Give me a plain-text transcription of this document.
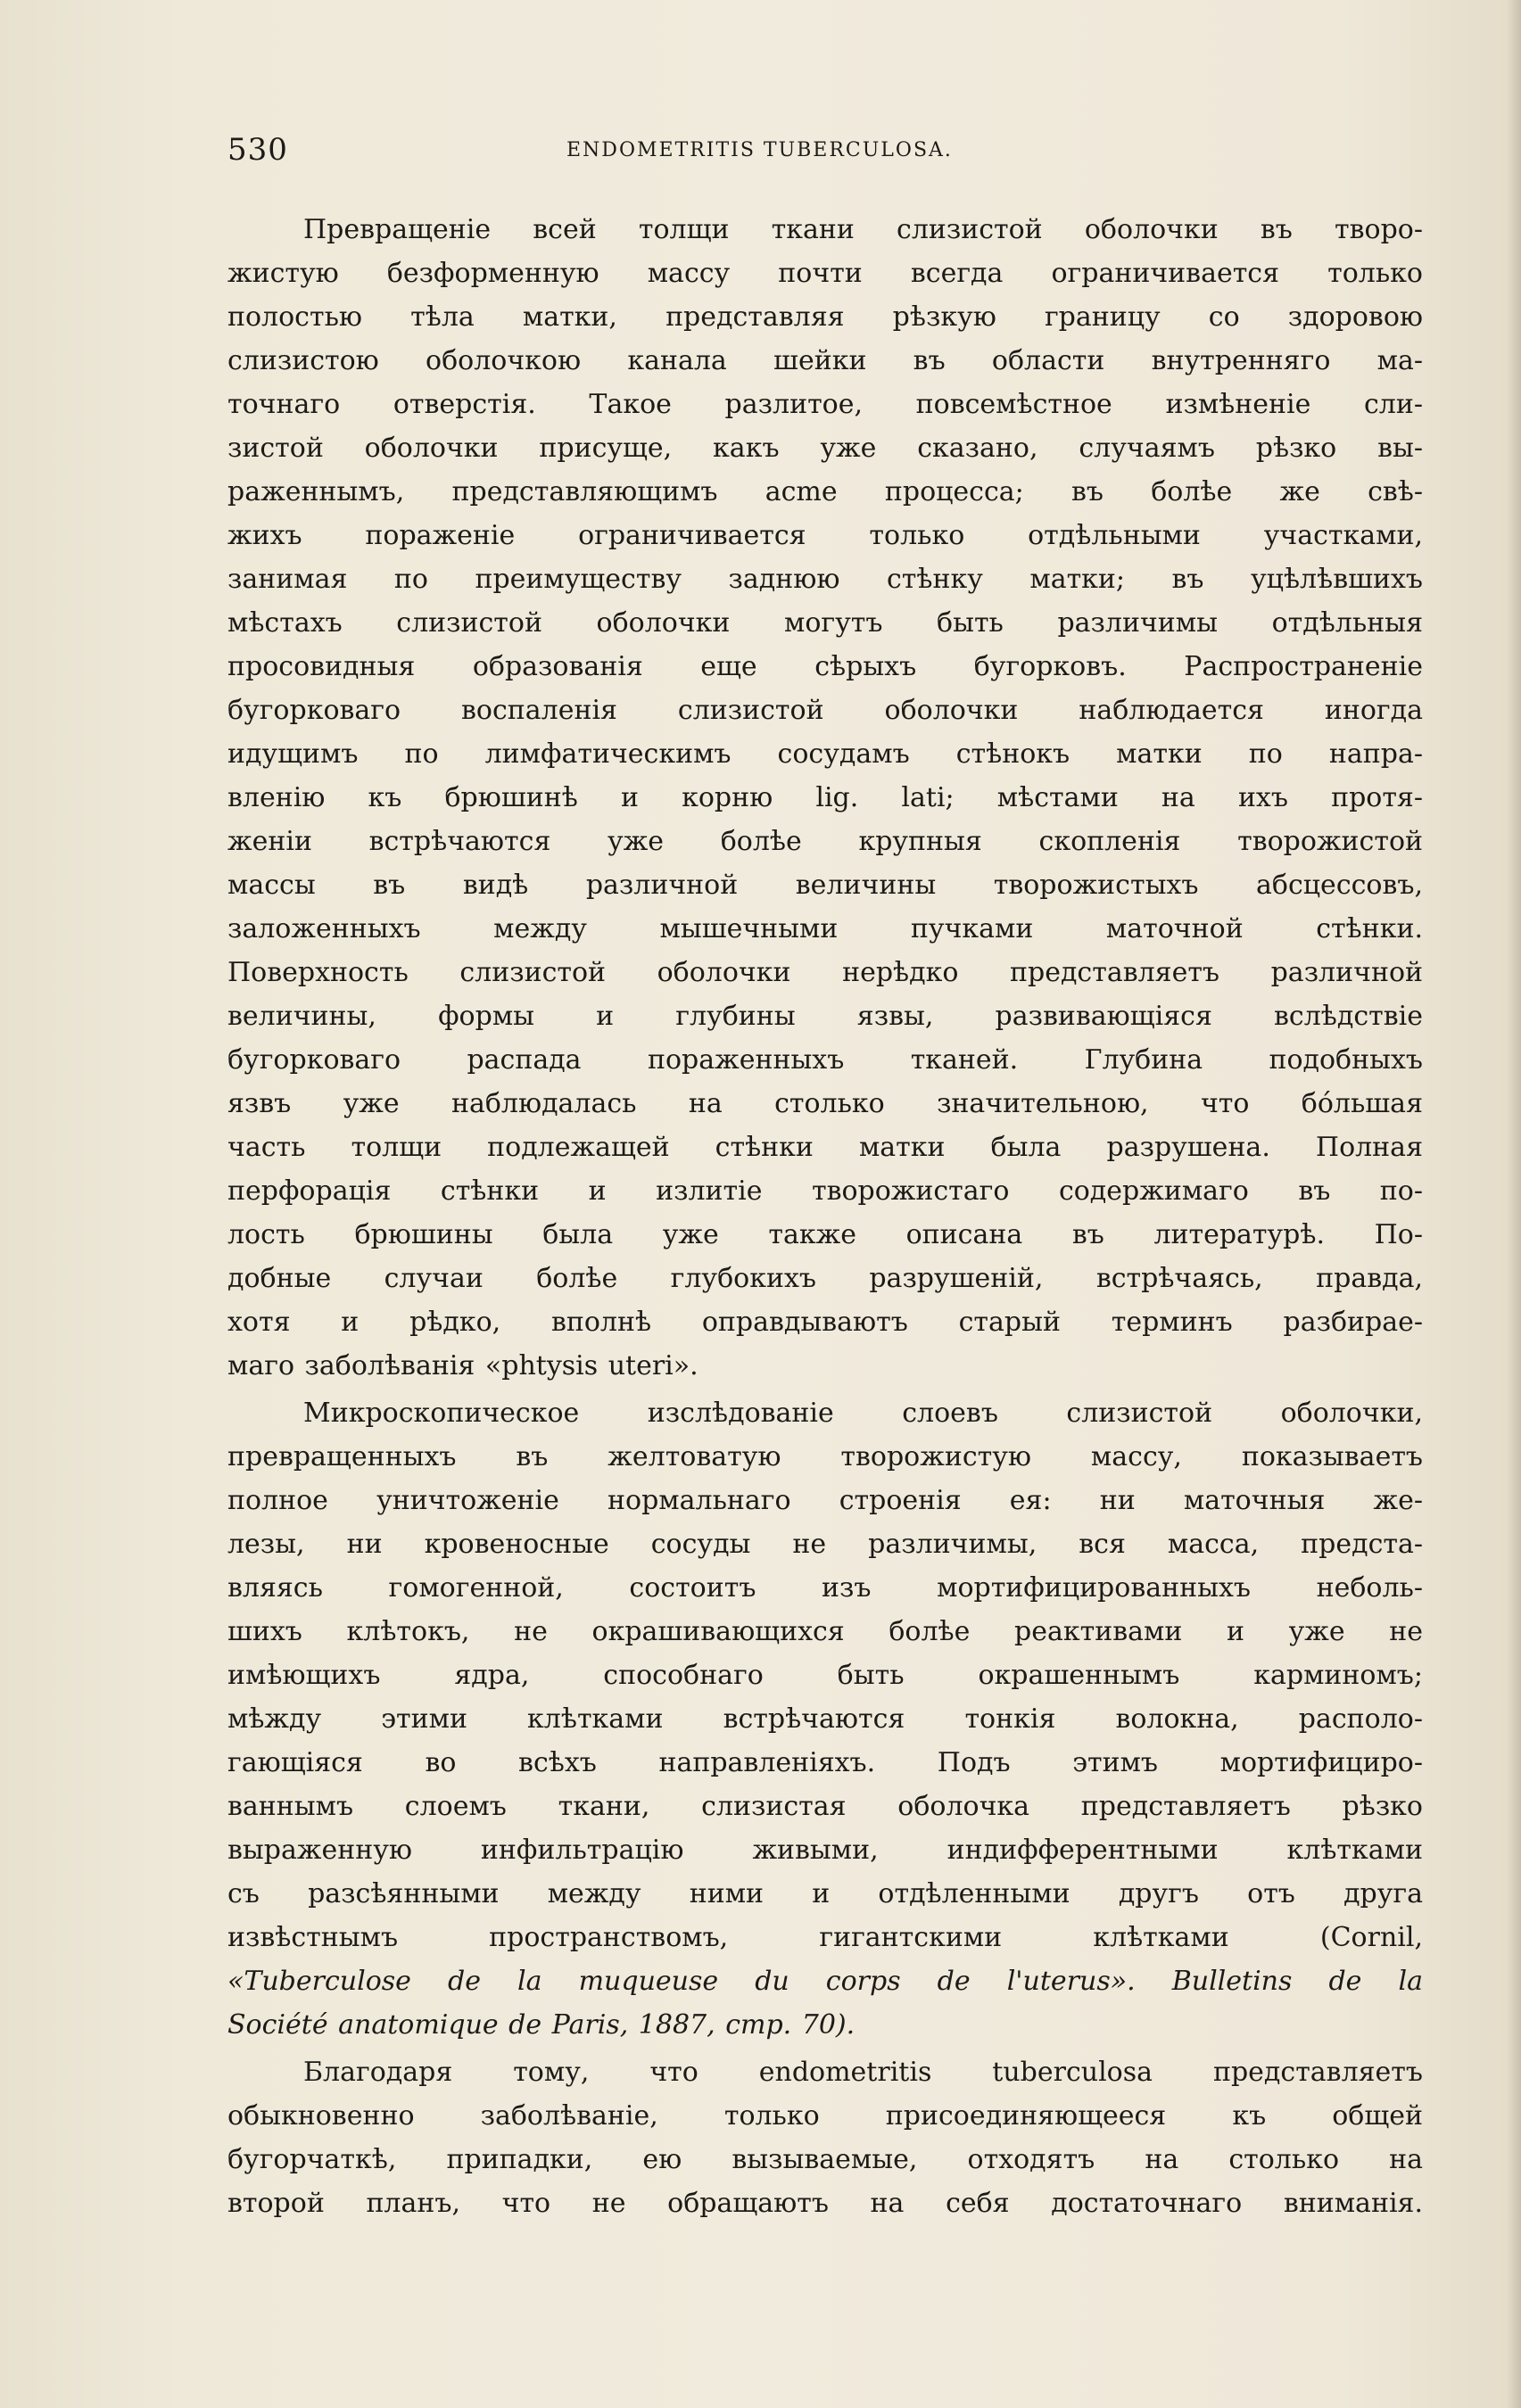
530	ENDOMETRITIS TUBERCULOSA.
Превращеніе всей толщи ткани слизистой оболочки въ творо-
жистую безформенную массу почти всегда ограничивается только
полостью тѣла матки, представляя рѣзкую границу со здоровою
слизистою оболочкою канала шейки въ области внутренняго ма-
точнаго отверстія. Такое разлитое, повсемѣстное измѣненіе сли-
зистой оболочки присуще, какъ уже сказано, случаямъ рѣзко вы-
раженнымъ, представляющимъ acme процесса; въ болѣе же свѣ-
жихъ пораженіе ограничивается только отдѣльными участками,
занимая по преимуществу заднюю стѣнку матки; въ уцѣлѣвшихъ
мѣстахъ слизистой оболочки могутъ быть различимы отдѣльныя
просовидныя образованія еще сѣрыхъ бугорковъ. Распространеніе
бугорковаго воспаленія слизистой оболочки наблюдается иногда
идущимъ по лимфатическимъ сосудамъ стѣнокъ матки по напра-
вленію къ брюшинѣ и корню lig. lati; мѣстами на ихъ протя-
женіи встрѣчаются уже болѣе крупныя скопленія творожистой
массы въ видѣ различной величины творожистыхъ абсцессовъ,
заложенныхъ между мышечными пучками маточной стѣнки.
Поверхность слизистой оболочки нерѣдко представляетъ различной
величины, формы и глубины язвы, развивающіяся вслѣдствіе
бугорковаго распада пораженныхъ тканей. Глубина подобныхъ
язвъ уже наблюдалась на столько значительною, что бóльшая
часть толщи подлежащей стѣнки матки была разрушена. Полная
перфорація стѣнки и излитіе творожистаго содержимаго въ по-
лость брюшины была уже также описана въ литературѣ. По-
добные случаи болѣе глубокихъ разрушеній, встрѣчаясь, правда,
хотя и рѣдко, вполнѣ оправдываютъ старый терминъ разбирае-
маго заболѣванія «phtysis uteri».
Микроскопическое изслѣдованіе слоевъ слизистой оболочки,
превращенныхъ въ желтоватую творожистую массу, показываетъ
полное уничтоженіе нормальнаго строенія ея: ни маточныя же-
лезы, ни кровеносные сосуды не различимы, вся масса, предста-
вляясь гомогенной, состоитъ изъ мортифицированныхъ неболь-
шихъ клѣтокъ, не окрашивающихся болѣе реактивами и уже не
имѣющихъ ядра, способнаго быть окрашеннымъ карминомъ;
мѣжду этими клѣтками встрѣчаются тонкія волокна, располо-
гающіяся во всѣхъ направленіяхъ. Подъ этимъ мортифициро-
ваннымъ слоемъ ткани, слизистая оболочка представляетъ рѣзко
выраженную инфильтрацію живыми, индифферентными клѣтками
съ разсѣянными между ними и отдѣленными другъ отъ друга
извѣстнымъ пространствомъ, гигантскими клѣтками (Cornil,
«Tuberculose de la muqueuse du corps de l'uterus». Bulletins de la
Société anatomique de Paris, 1887, стр. 70).
Благодаря тому, что endometritis tuberculosa представляетъ
обыкновенно заболѣваніе, только присоединяющееся къ общей
бугорчаткѣ, припадки, ею вызываемые, отходятъ на столько на
второй планъ, что не обращаютъ на себя достаточнаго вниманія.
